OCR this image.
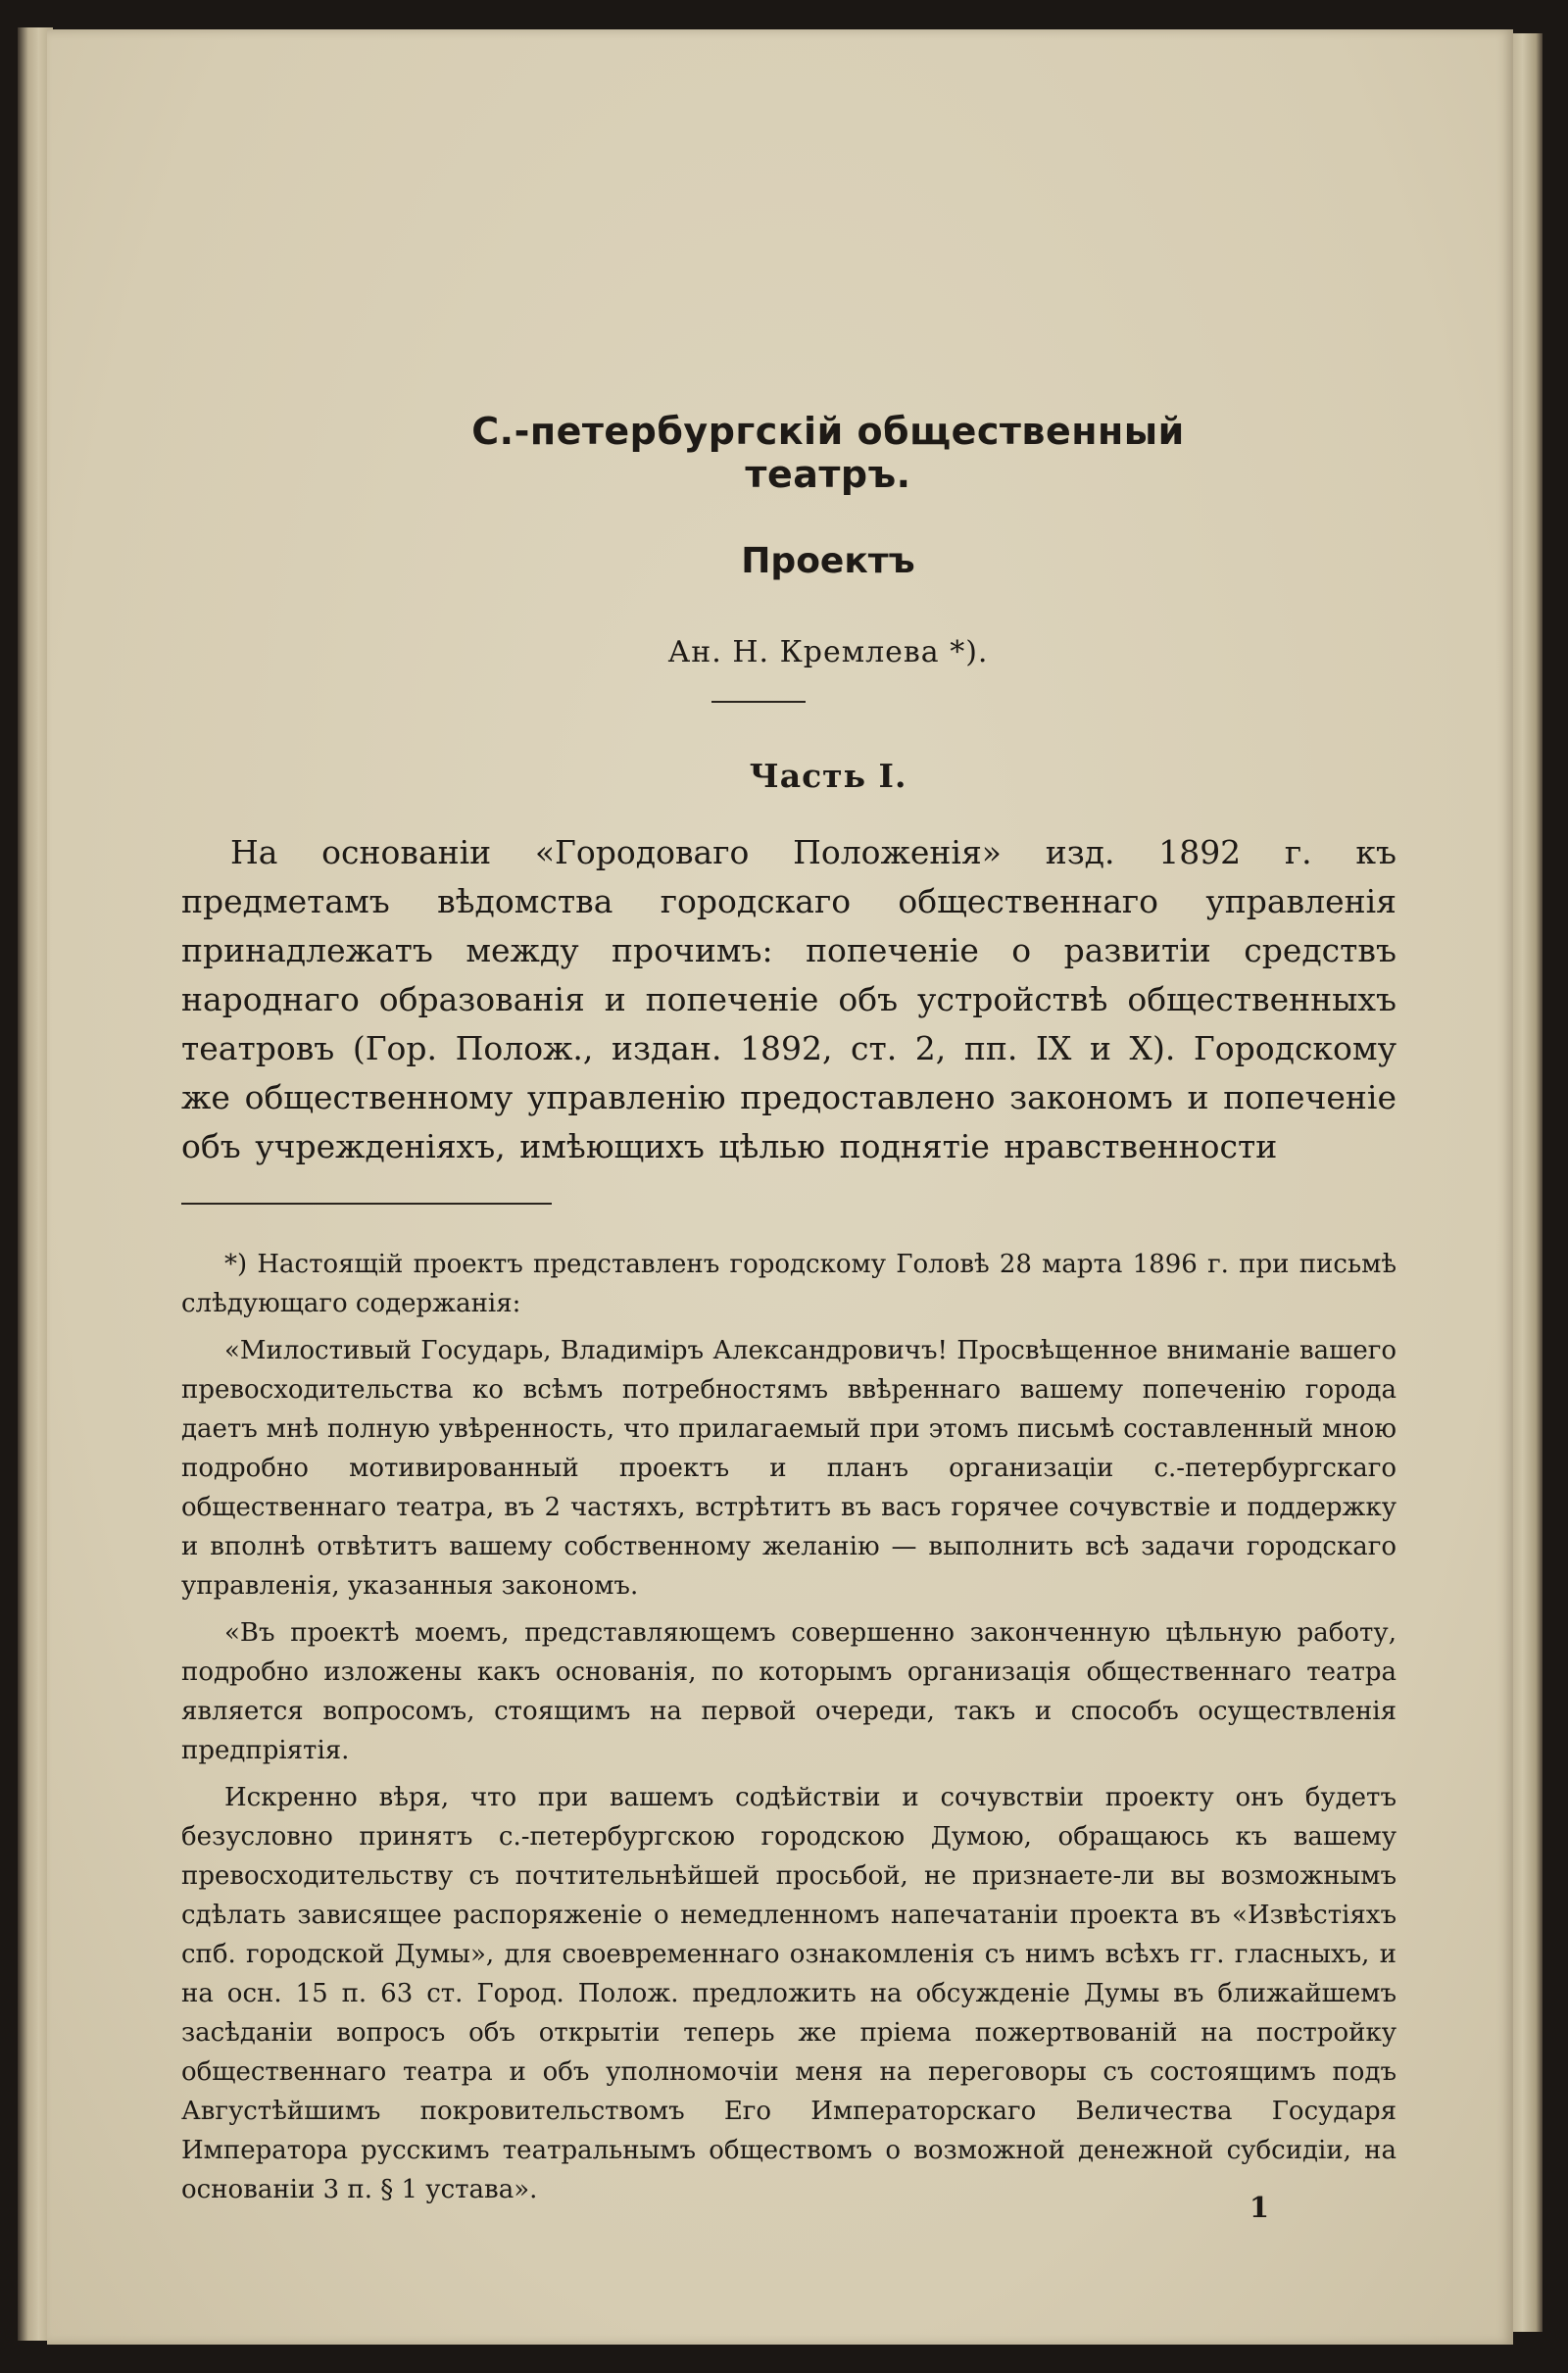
С.-петербургскій общественный театръ.
Проектъ
Ан. Н. Кремлева *).
Часть I.

На основаніи «Городоваго Положенія» изд. 1892 г. къ предметамъ вѣдомства городскаго общественнаго управленія принадлежатъ между прочимъ: попеченіе о развитіи средствъ народнаго образованія и попеченіе объ устройствѣ общественныхъ театровъ (Гор. Полож., издан. 1892, ст. 2, пп. IX и X). Городскому же общественному управленію предоставлено закономъ и попеченіе объ учрежденіяхъ, имѣющихъ цѣлью поднятіе нравственности

*) Настоящій проектъ представленъ городскому Головѣ 28 марта 1896 г. при письмѣ слѣдующаго содержанія:

«Милостивый Государь, Владиміръ Александровичъ! Просвѣщенное вниманіе вашего превосходительства ко всѣмъ потребностямъ ввѣреннаго вашему попеченію города даетъ мнѣ полную увѣренность, что прилагаемый при этомъ письмѣ составленный мною подробно мотивированный проектъ и планъ организаціи с.-петербургскаго общественнаго театра, въ 2 частяхъ, встрѣтитъ въ васъ горячее сочувствіе и поддержку и вполнѣ отвѣтитъ вашему собственному желанію — выполнить всѣ задачи городскаго управленія, указанныя закономъ.

«Въ проектѣ моемъ, представляющемъ совершенно законченную цѣльную работу, подробно изложены какъ основанія, по которымъ организація общественнаго театра является вопросомъ, стоящимъ на первой очереди, такъ и способъ осуществленія предпріятія.

Искренно вѣря, что при вашемъ содѣйствіи и сочувствіи проекту онъ будетъ безусловно принятъ с.-петербургскою городскою Думою, обращаюсь къ вашему превосходительству съ почтительнѣйшей просьбой, не признаете-ли вы возможнымъ сдѣлать зависящее распоряженіе о немедленномъ напечатаніи проекта въ «Извѣстіяхъ спб. городской Думы», для своевременнаго ознакомленія съ нимъ всѣхъ гг. гласныхъ, и на осн. 15 п. 63 ст. Город. Полож. предложить на обсужденіе Думы въ ближайшемъ засѣданіи вопросъ объ открытіи теперь же пріема пожертвованій на постройку общественнаго театра и объ уполномочіи меня на переговоры съ состоящимъ подъ Августѣйшимъ покровительствомъ Его Императорскаго Величества Государя Императора русскимъ театральнымъ обществомъ о возможной денежной субсидіи, на основаніи 3 п. § 1 устава».

1
